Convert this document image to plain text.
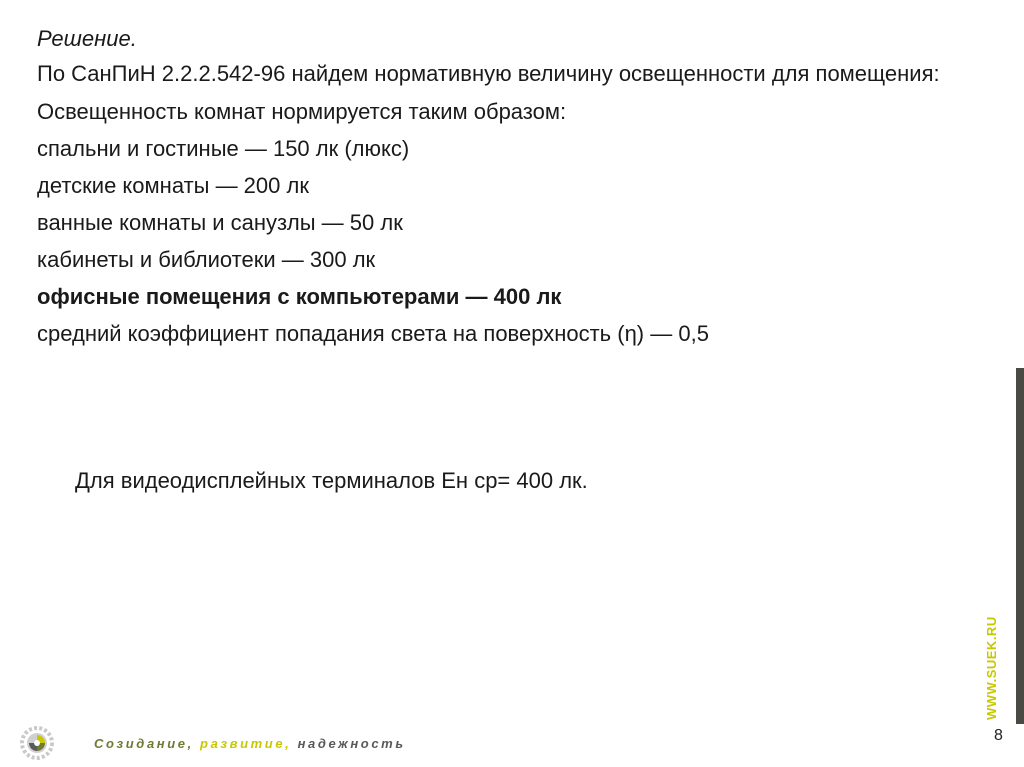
Решение.

По СанПиН 2.2.2.542-96 найдем нормативную величину освещенности для помещения:

Освещенность комнат нормируется таким образом:

спальни и гостиные — 150 лк (люкс)

детские комнаты — 200 лк

ванные комнаты и санузлы — 50 лк

кабинеты и библиотеки — 300 лк

офисные помещения с компьютерами — 400 лк

средний коэффициент попадания света на поверхность (η) — 0,5

Для видеодисплейных терминалов Ен ср= 400 лк.

WWW.SUEK.RU
8
Созидание, развитие, надежность
